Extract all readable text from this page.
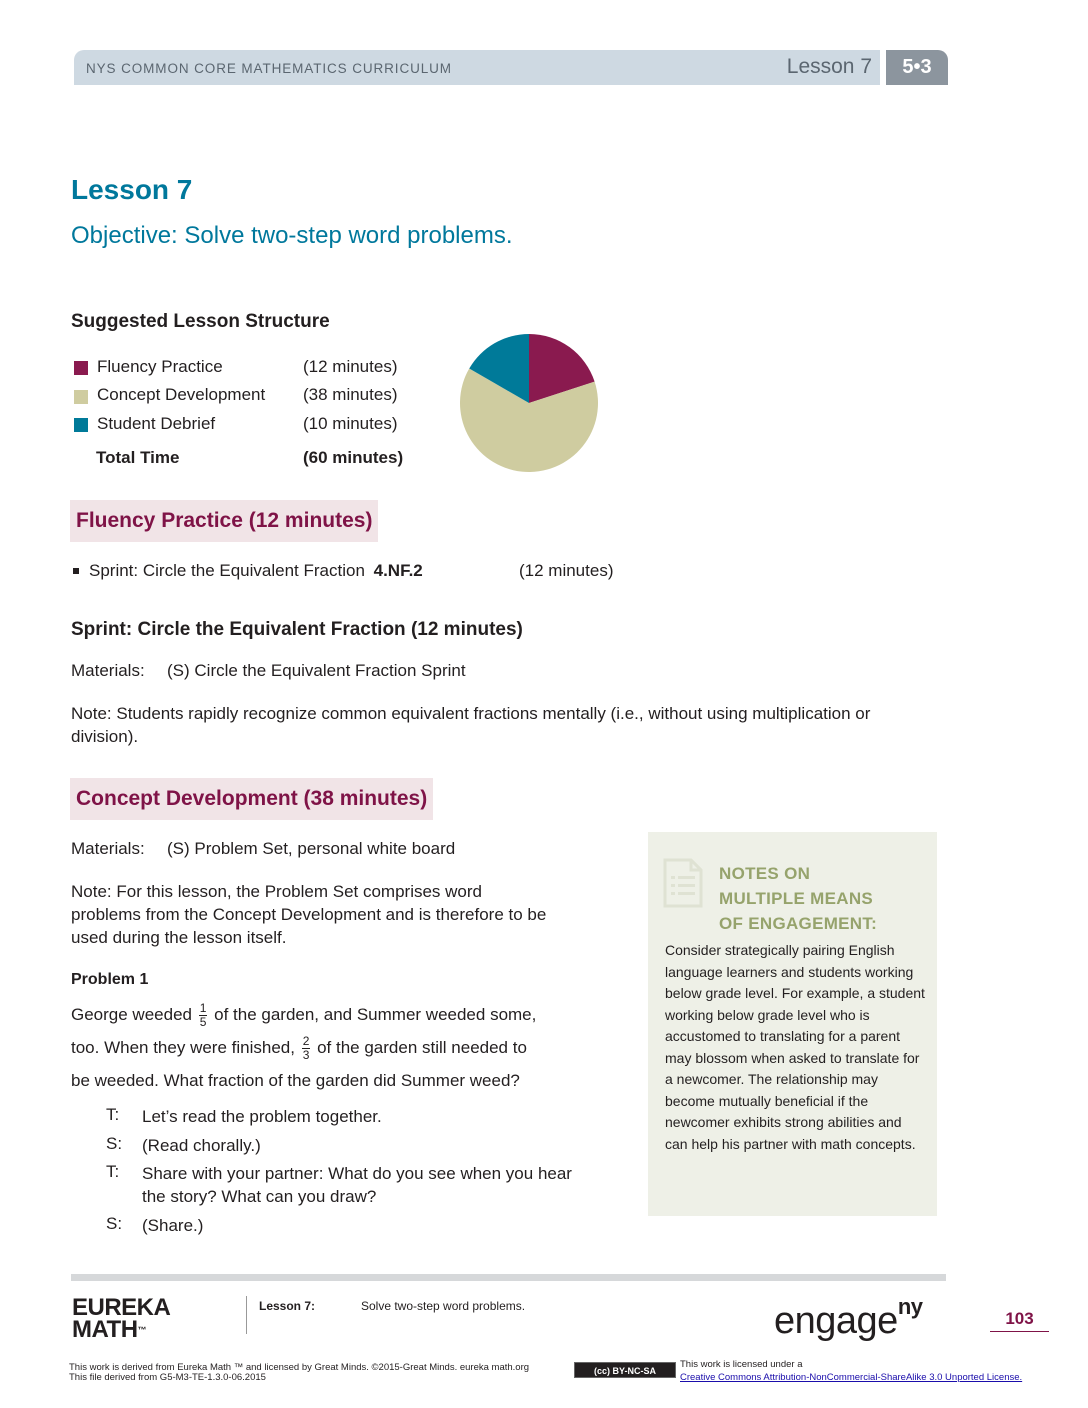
NYS COMMON CORE MATHEMATICS CURRICULUM	Lesson 7	5•3
Lesson 7
Objective: Solve two-step word problems.
Suggested Lesson Structure
Fluency Practice	(12 minutes)
Concept Development (38 minutes)
Student Debrief	(10 minutes)
Total Time	(60 minutes)
Fluency Practice (12 minutes)
Sprint: Circle the Equivalent Fraction 4.NF.2	(12 minutes)
Sprint: Circle the Equivalent Fraction (12 minutes)
Materials: (S) Circle the Equivalent Fraction Sprint
Note: Students rapidly recognize common equivalent fractions mentally (i.e., without using multiplication or
division).
Concept Development (38 minutes)
Materials: (S) Problem Set, personal white board
Note: For this lesson, the Problem Set comprises word
problems from the Concept Development and is therefore to be
used during the lesson itself.
Problem 1
George weeded $\frac{1}{5}$ of the garden, and Summer weeded some,
too. When they were finished, $\frac{2}{3}$ of the garden still needed to
be weeded. What fraction of the garden did Summer weed?
T: Let’s read the problem together.
S: (Read chorally.)
T: Share with your partner: What do you see when you hear the story? What can you draw?
S: (Share.)
NOTES ON
MULTIPLE MEANS
OF ENGAGEMENT:
Consider strategically pairing English language learners and students working below grade level. For example, a student working below grade level who is accustomed to translating for a parent may blossom when asked to translate for a newcomer. The relationship may become mutually beneficial if the newcomer exhibits strong abilities and can help his partner with math concepts.
EUREKA
MATH™
Lesson 7:	Solve two-step word problems.	engage$^{ny}$	103
This work is derived from Eureka Math ™ and licensed by Great Minds. ©2015-Great Minds. eureka math.org
This file derived from G5-M3-TE-1.3.0-06.2015
(cc) BY-NC-SA
This work is licensed under a
Creative Commons Attribution-NonCommercial-ShareAlike 3.0 Unported License.
